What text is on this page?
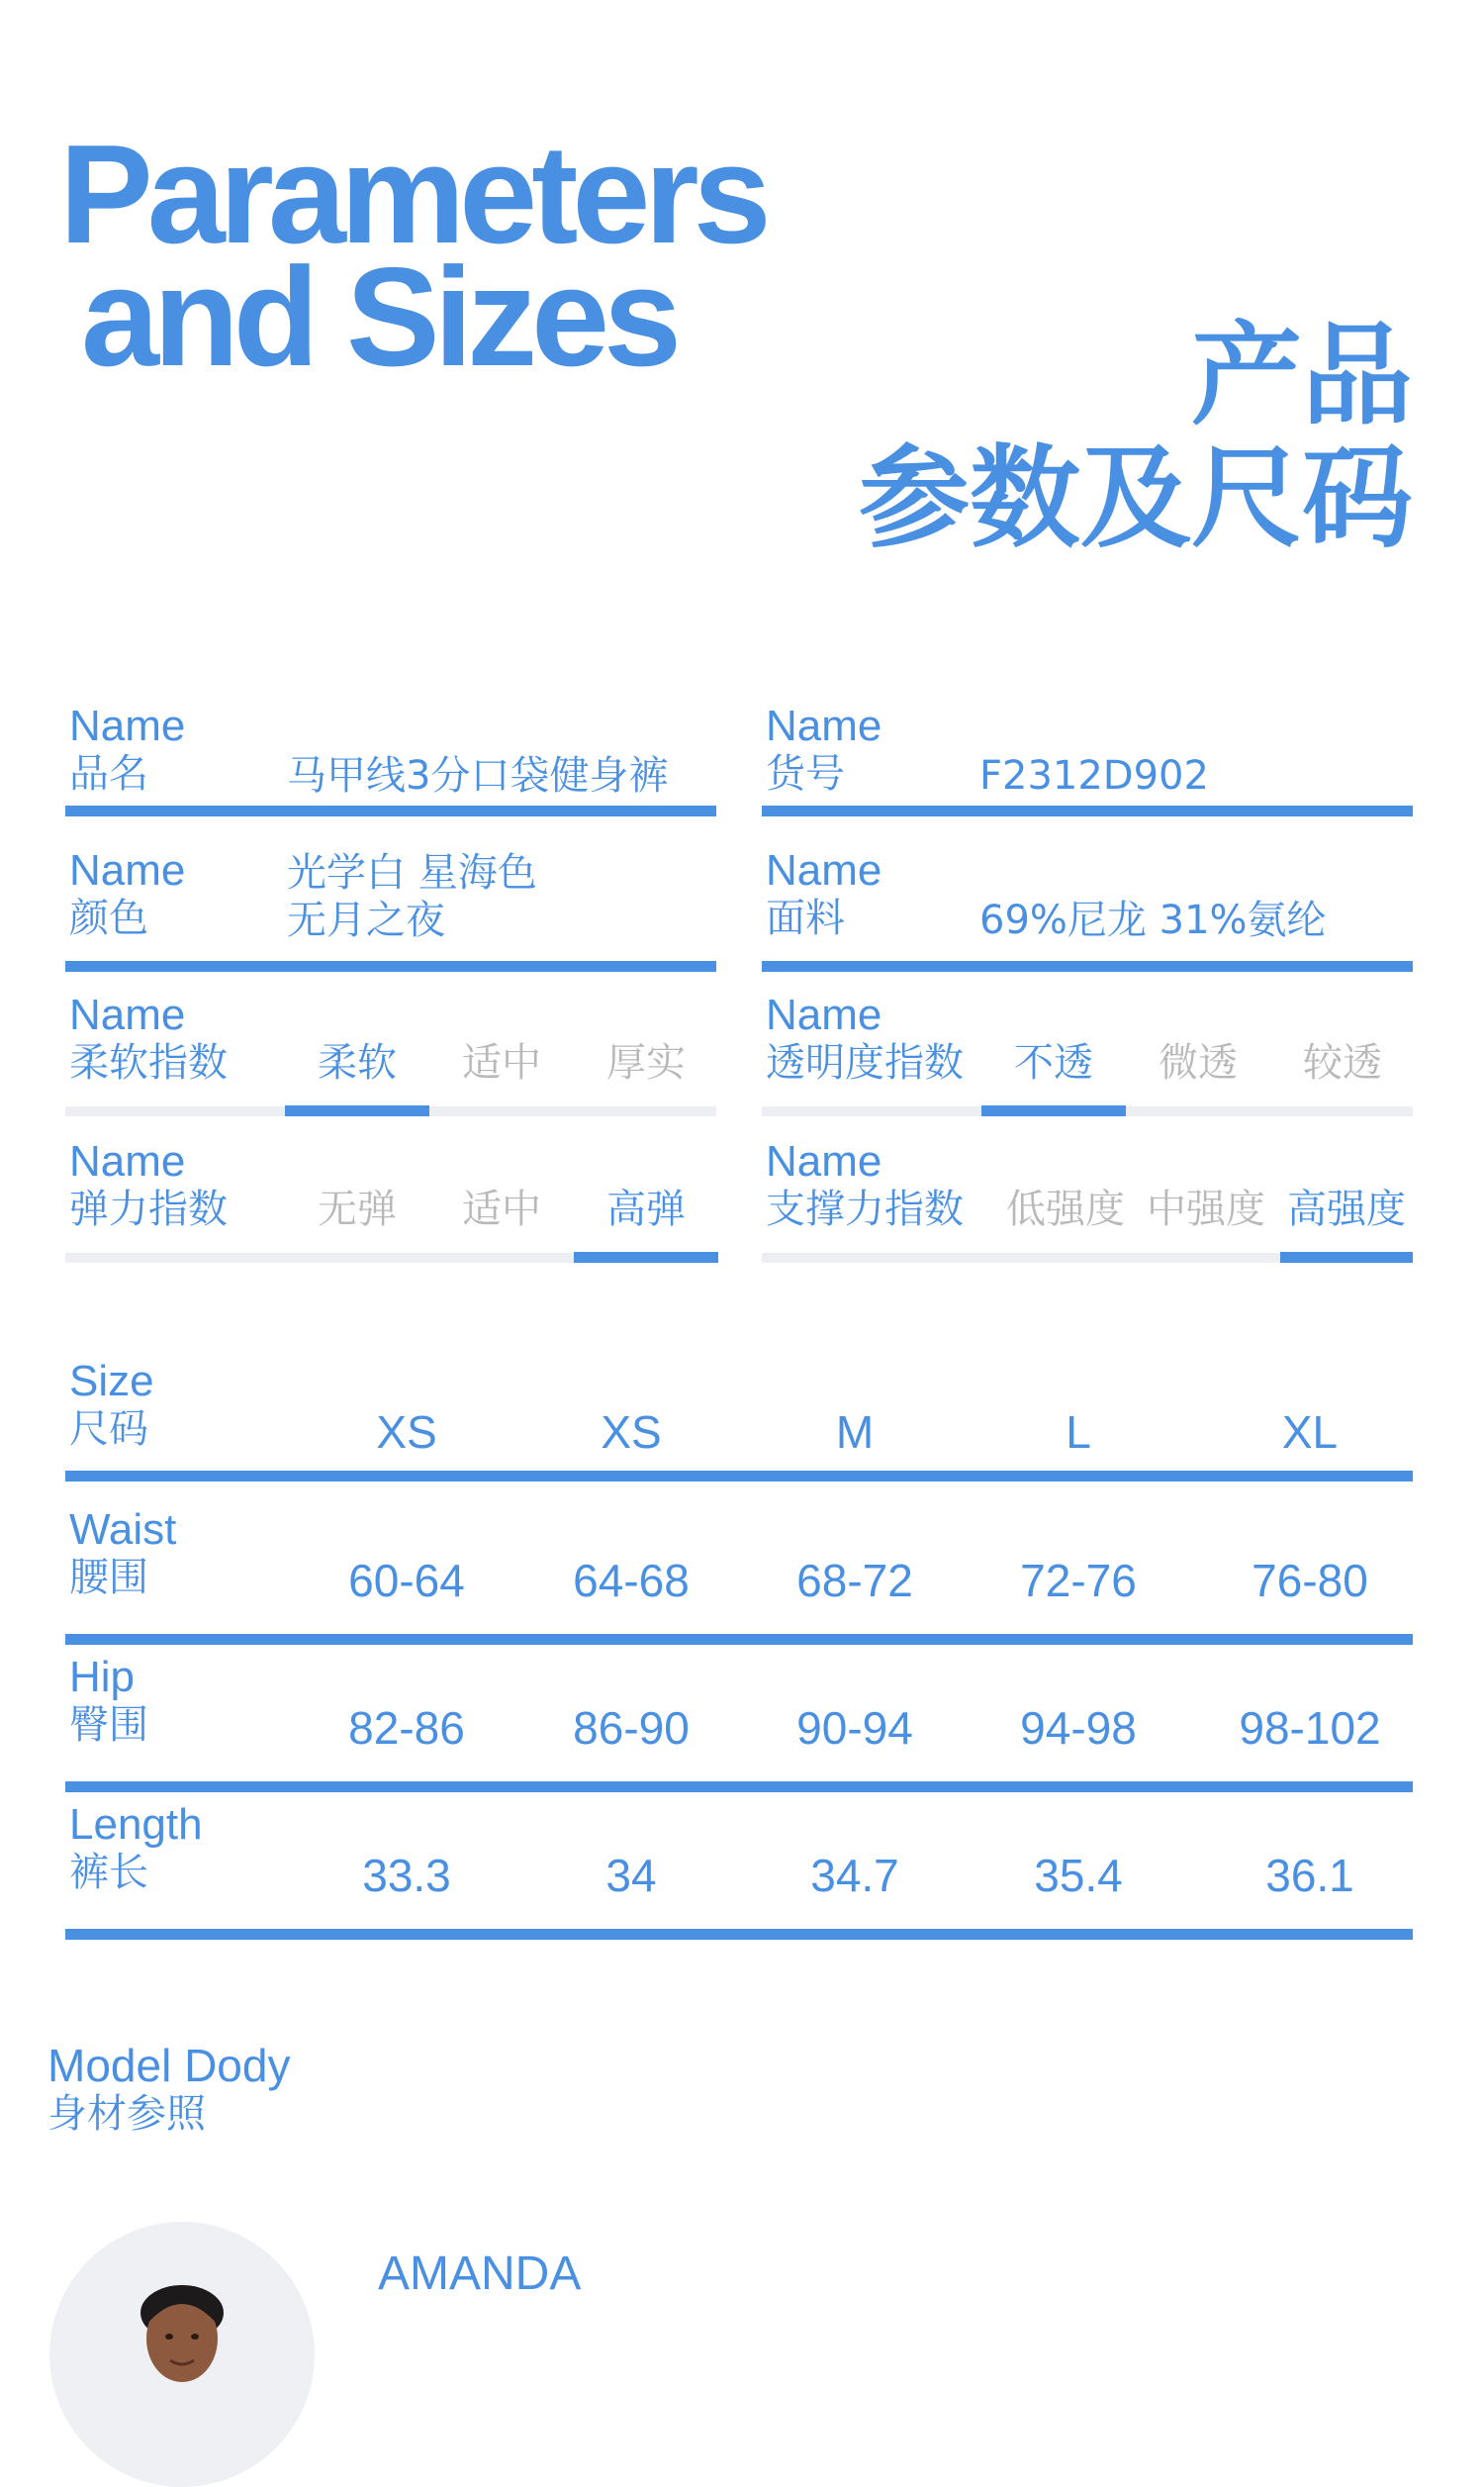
Parameters
and Sizes	产品
参数及尺码
Name
品名	马甲线3分口袋健身裤
Name
货号	F2312D902
Name
颜色
光学白 星海色
无月之夜
Name
面料	69%尼龙 31%氨纶
Name
柔软指数	柔软	适中	厚实
Name
透明度指数	不透	微透	较透
Name
弹力指数	无弹	适中	高弹
Name
支撑力指数 低强度 中强度 高强度
Size
尺码	XS	XS	M	L	XL
Waist
腰围	60-64	64-68	68-72	72-76	76-80
Hip
臀围	82-86	86-90	90-94	94-98	98-102
Length
裤长	33.3	34	34.7	35.4	36.1
Model Dody
身材参照
AMANDA
